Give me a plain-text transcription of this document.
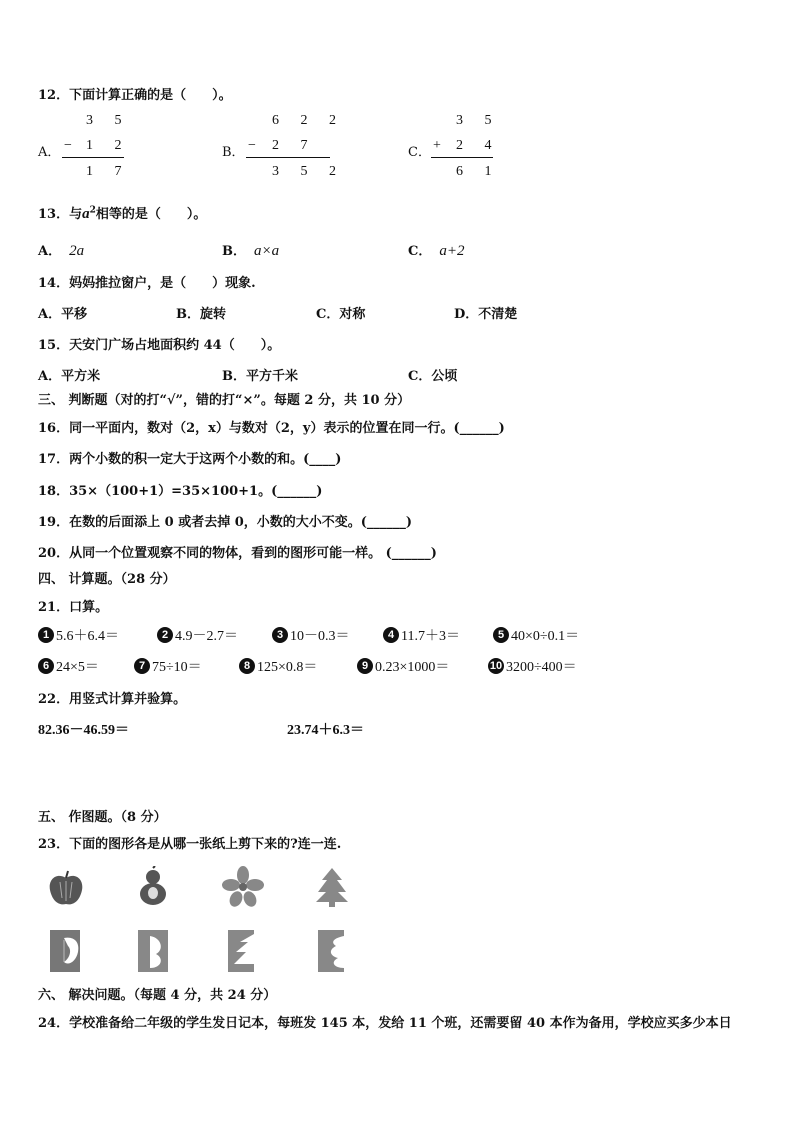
12．下面计算正确的是（　　）。
A．
3 5
− 1 2
1 7
B．
6 2 2
− 2 7
3 5 2
C．
3 5
+ 2 4
6 1
13．与$a^2$相等的是（　　）。
A． 2a	B． a×a	C． a+2
14．妈妈推拉窗户，是（　　）现象.
A．平移	B．旋转	C．对称	D．不清楚
15．天安门广场占地面积约 44（　　）。
A．平方米	B．平方千米	C．公顷
三、 判断题（对的打“√”，错的打“×”。每题 2 分，共 10 分）
16．同一平面内，数对（2，x）与数对（2，y）表示的位置在同一行。(______)
17．两个小数的积一定大于这两个小数的和。(____)
18．35×（100+1）=35×100+1。(______)
19．在数的后面添上 0 或者去掉 0，小数的大小不变。(______)
20．从同一个位置观察不同的物体，看到的图形可能一样。 (______)
四、 计算题。（28 分）
21．口算。
1 5.6＋6.4＝	2 4.9－2.7＝	3 10－0.3＝	4 11.7＋3＝	5 40×0÷0.1＝
6 24×5＝	7 75÷10＝	8 125×0.8＝	9 0.23×1000＝	10 3200÷400＝
22．用竖式计算并验算。
82.36－46.59＝	23.74＋6.3＝
五、 作图题。（8 分）
23．下面的图形各是从哪一张纸上剪下来的?连一连.
六、 解决问题。（每题 4 分，共 24 分）
24．学校准备给二年级的学生发日记本，每班发 145 本，发给 11 个班，还需要留 40 本作为备用，学校应买多少本日
